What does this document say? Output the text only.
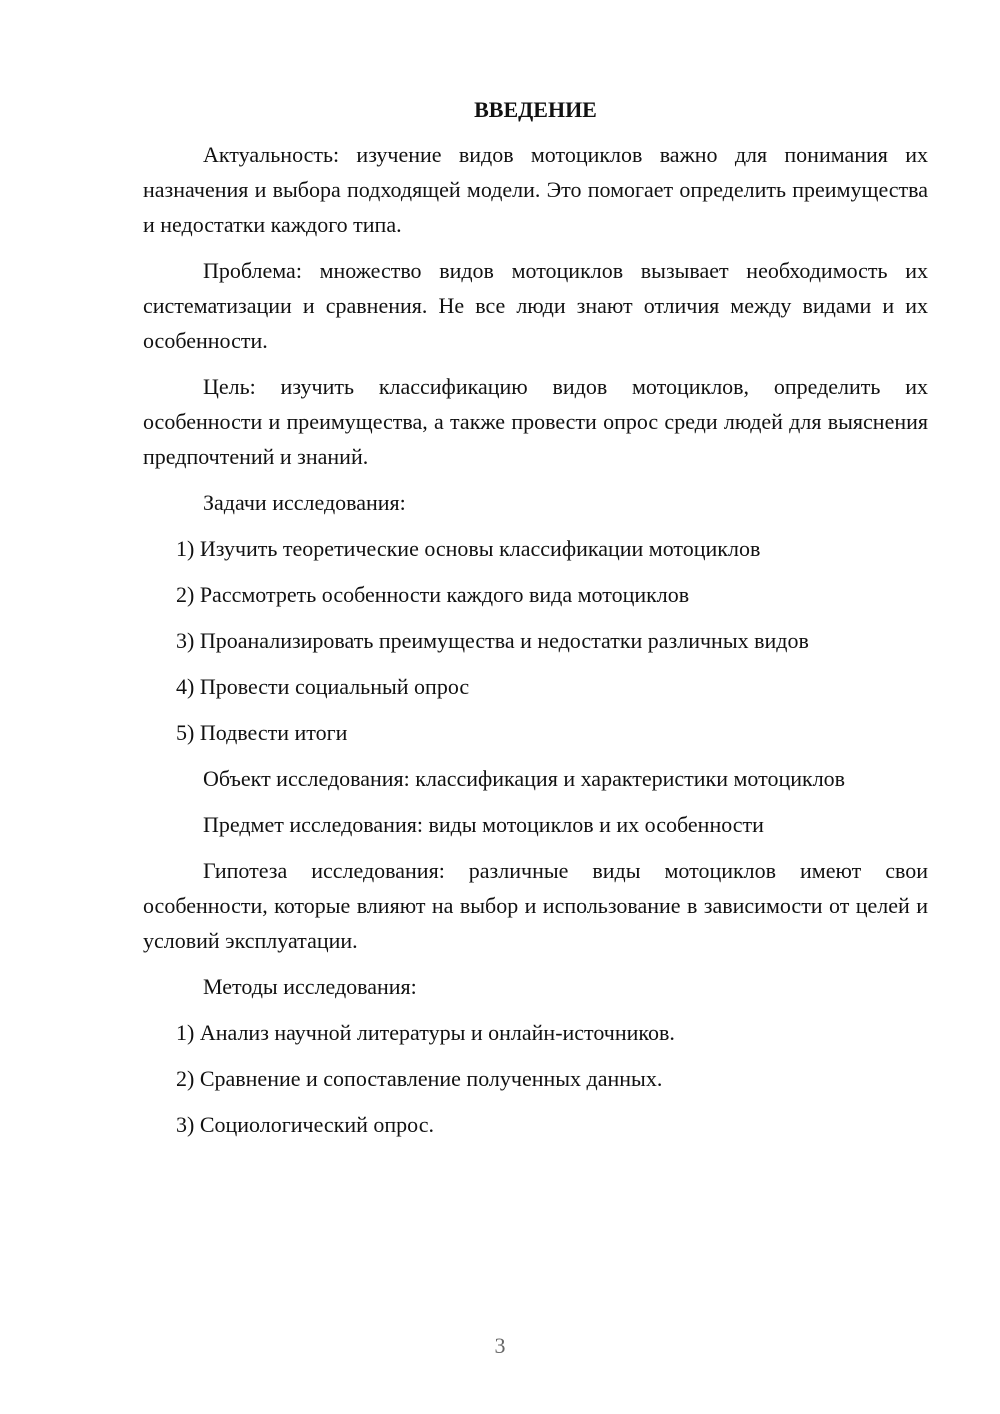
ВВЕДЕНИЕ
Актуальность: изучение видов мотоциклов важно для понимания их назначения и выбора подходящей модели. Это помогает определить преимущества и недостатки каждого типа.
Проблема: множество видов мотоциклов вызывает необходимость их систематизации и сравнения. Не все люди знают отличия между видами и их особенности.
Цель: изучить классификацию видов мотоциклов, определить их особенности и преимущества, а также провести опрос среди людей для выяснения предпочтений и знаний.
Задачи исследования:
1) Изучить теоретические основы классификации мотоциклов
2) Рассмотреть особенности каждого вида мотоциклов
3) Проанализировать преимущества и недостатки различных видов
4) Провести социальный опрос
5) Подвести итоги
Объект исследования: классификация и характеристики мотоциклов
Предмет исследования: виды мотоциклов и их особенности
Гипотеза исследования: различные виды мотоциклов имеют свои особенности, которые влияют на выбор и использование в зависимости от целей и условий эксплуатации.
Методы исследования:
1) Анализ научной литературы и онлайн-источников.
2) Сравнение и сопоставление полученных данных.
3) Социологический опрос.
3
